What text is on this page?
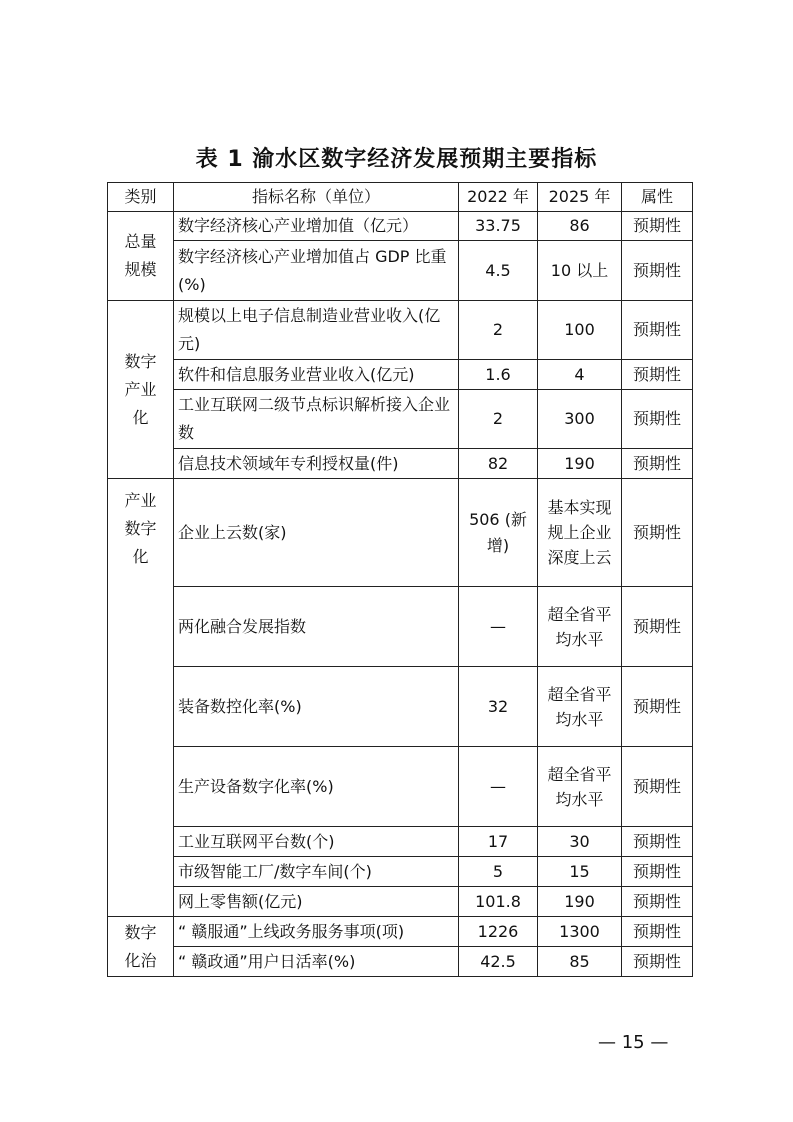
表 1 渝水区数字经济发展预期主要指标
类别	指标名称（单位）	2022 年	2025 年	属性

总量
规模	数字经济核心产业增加值（亿元）	33.75	86	预期性
	数字经济核心产业增加值占 GDP 比重(%)	4.5	10 以上	预期性

数字
产业
化	规模以上电子信息制造业营业收入(亿元)	2	100	预期性
	软件和信息服务业营业收入(亿元)	1.6	4	预期性
	工业互联网二级节点标识解析接入企业数	2	300	预期性
	信息技术领域年专利授权量(件)	82	190	预期性

产业
数字
化	企业上云数(家)	506 (新增)	基本实现规上企业深度上云	预期性
	两化融合发展指数	—	超全省平均水平	预期性
	装备数控化率(%)	32	超全省平均水平	预期性
	生产设备数字化率(%)	—	超全省平均水平	预期性
	工业互联网平台数(个)	17	30	预期性
	市级智能工厂/数字车间(个)	5	15	预期性
	网上零售额(亿元)	101.8	190	预期性

数字
化治	“ 赣服通”上线政务服务事项(项)	1226	1300	预期性
	“ 赣政通”用户日活率(%)	42.5	85	预期性
— 15 —
